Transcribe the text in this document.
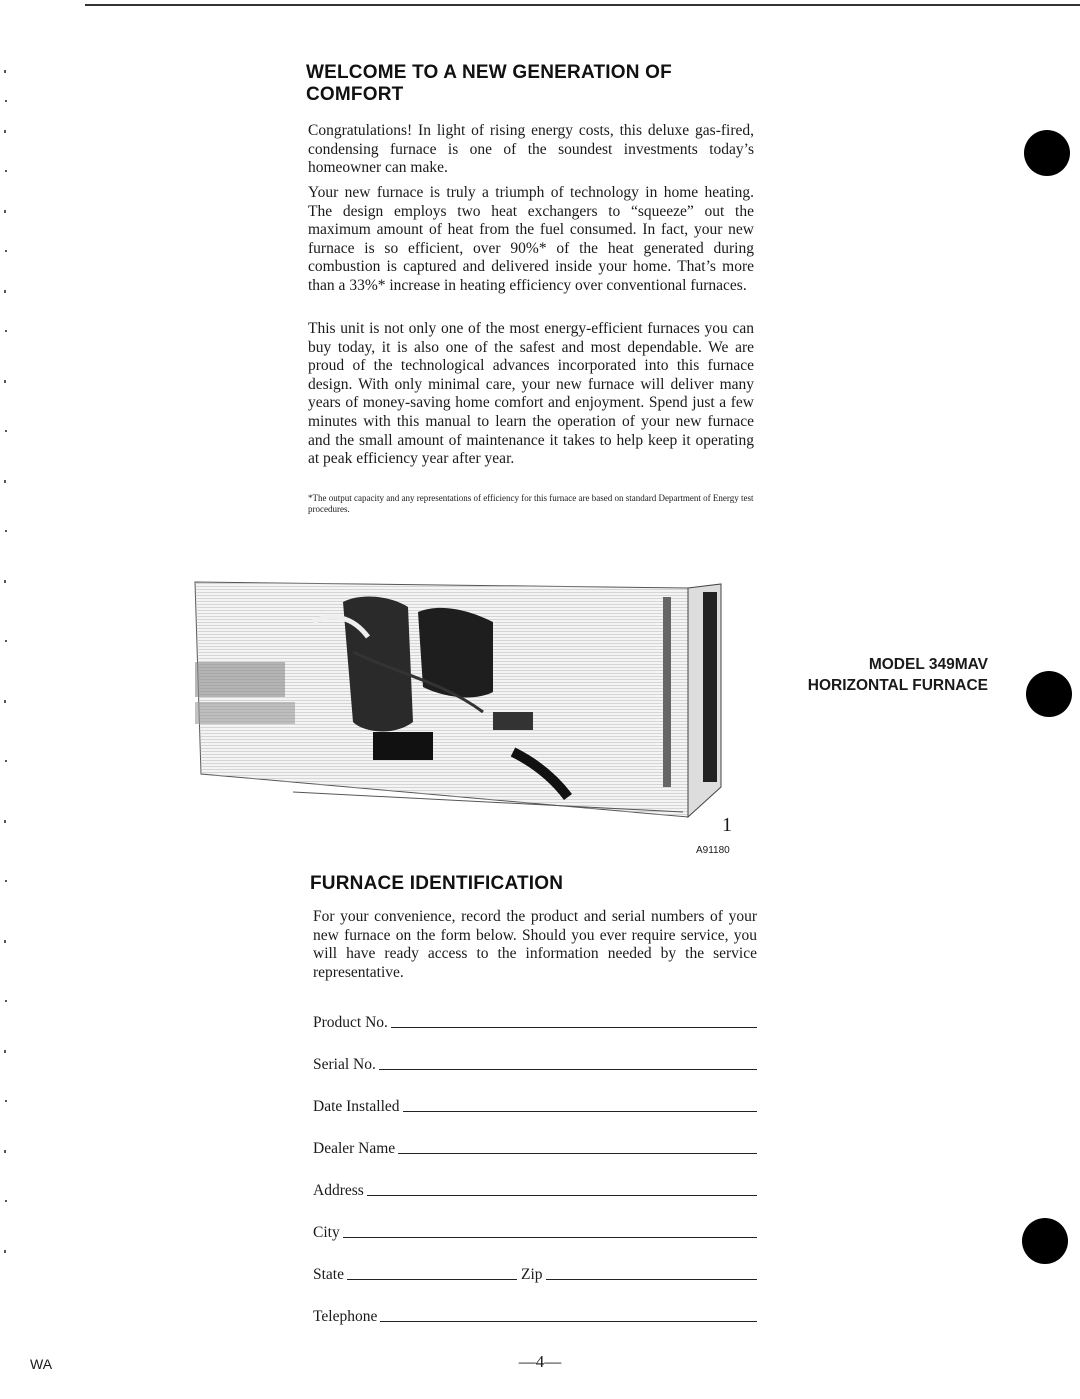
WELCOME TO A NEW GENERATION OF COMFORT

Congratulations! In light of rising energy costs, this deluxe gas-fired, condensing furnace is one of the soundest investments today’s homeowner can make.

Your new furnace is truly a triumph of technology in home heating. The design employs two heat exchangers to “squeeze” out the maximum amount of heat from the fuel consumed. In fact, your new furnace is so efficient, over 90%* of the heat generated during combustion is captured and delivered inside your home. That’s more than a 33%* increase in heating efficiency over conventional furnaces.

This unit is not only one of the most energy-efficient furnaces you can buy today, it is also one of the safest and most dependable. We are proud of the technological advances incorporated into this furnace design. With only minimal care, your new furnace will deliver many years of money-saving home comfort and enjoyment. Spend just a few minutes with this manual to learn the operation of your new furnace and the small amount of maintenance it takes to help keep it operating at peak efficiency year after year.

*The output capacity and any representations of efficiency for this furnace are based on standard Department of Energy test procedures.

1
A91180
MODEL 349MAV
HORIZONTAL FURNACE
FURNACE IDENTIFICATION

For your convenience, record the product and serial numbers of your new furnace on the form below. Should you ever require service, you will have ready access to the information needed by the service representative.

Product No.
Serial No.
Date Installed
Dealer Name
Address
City
State	Zip
Telephone
WA	—4—
